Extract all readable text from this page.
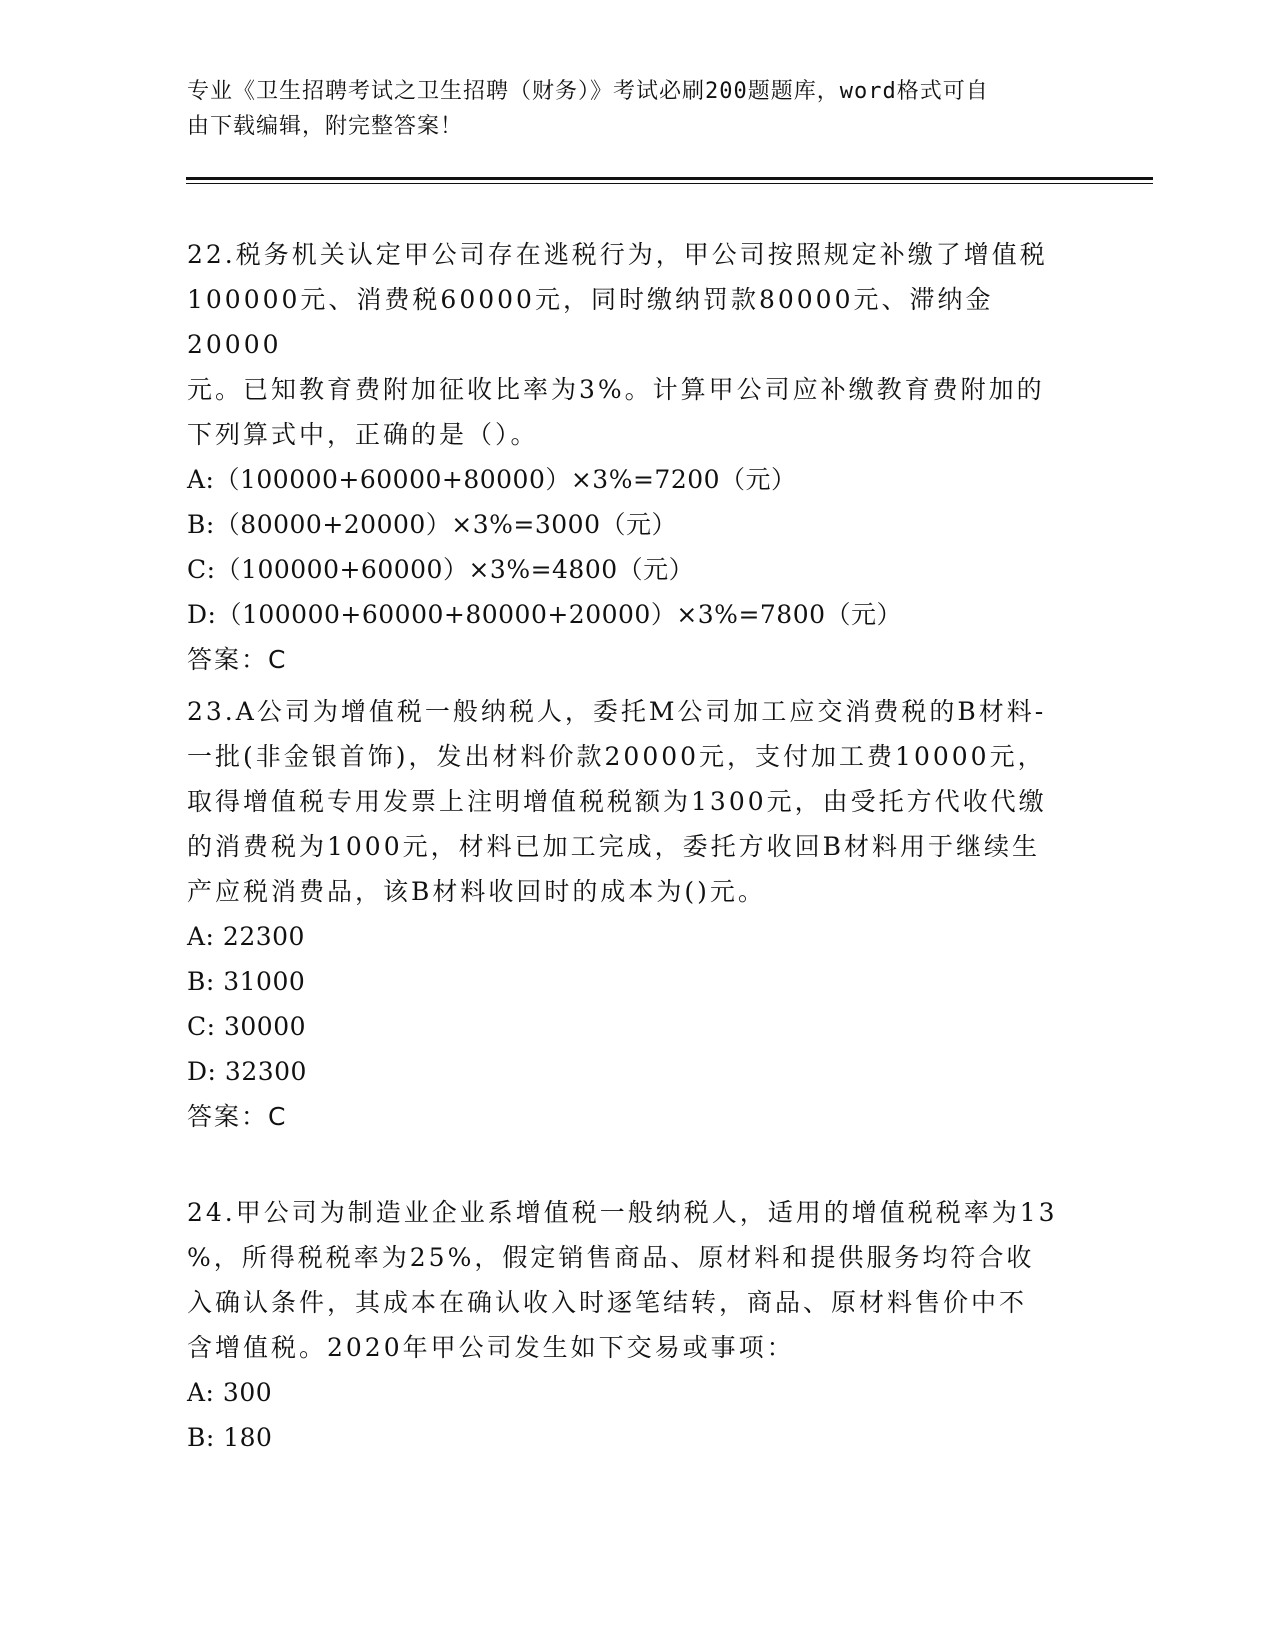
专业《卫生招聘考试之卫生招聘（财务）》考试必刷200题题库，word格式可自
由下载编辑，附完整答案！

22.税务机关认定甲公司存在逃税行为，甲公司按照规定补缴了增值税

100000元、消费税60000元，同时缴纳罚款80000元、滞纳金20000

元。已知教育费附加征收比率为3%。计算甲公司应补缴教育费附加的

下列算式中，正确的是（）。

A:（100000+60000+80000）×3%=7200（元）

B:（80000+20000）×3%=3000（元）

C:（100000+60000）×3%=4800（元）

D:（100000+60000+80000+20000）×3%=7800（元）

答案：C

23.A公司为增值税一般纳税人，委托M公司加工应交消费税的B材料-

一批(非金银首饰)，发出材料价款20000元，支付加工费10000元，

取得增值税专用发票上注明增值税税额为1300元，由受托方代收代缴

的消费税为1000元，材料已加工完成，委托方收回B材料用于继续生

产应税消费品，该B材料收回时的成本为()元。

A: 22300

B: 31000

C: 30000

D: 32300

答案：C

24.甲公司为制造业企业系增值税一般纳税人，适用的增值税税率为13

%，所得税税率为25%，假定销售商品、原材料和提供服务均符合收

入确认条件，其成本在确认收入时逐笔结转，商品、原材料售价中不

含增值税。2020年甲公司发生如下交易或事项：

A: 300

B: 180
